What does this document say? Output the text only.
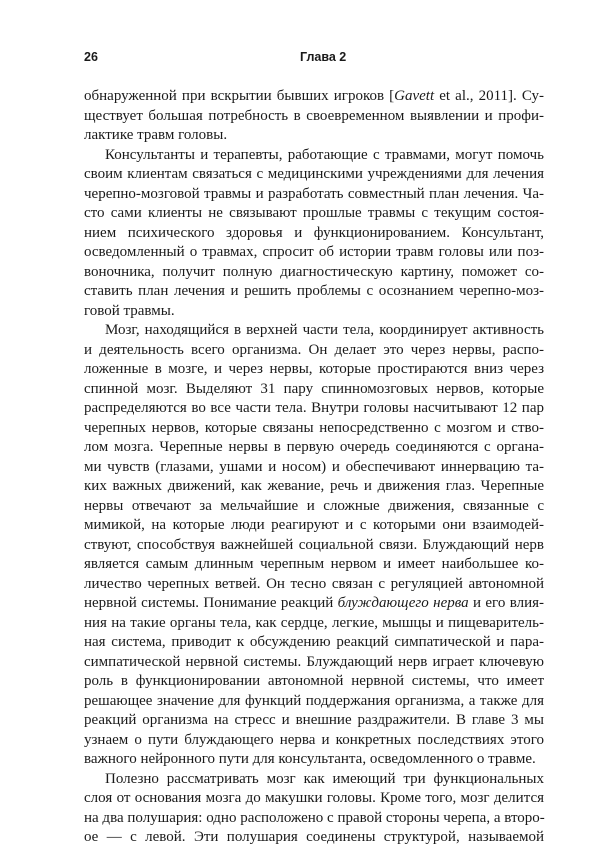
26	Глава 2
обнаруженной при вскрытии бывших игроков [Gavett et al., 2011]. Су-
ществует большая потребность в своевременном выявлении и профи-
лактике травм головы.
Консультанты и терапевты, работающие с травмами, могут помочь
своим клиентам связаться с медицинскими учреждениями для лечения
черепно-мозговой травмы и разработать совместный план лечения. Ча-
сто сами клиенты не связывают прошлые травмы с текущим состоя-
нием психического здоровья и функционированием. Консультант,
осведомленный о травмах, спросит об истории травм головы или поз-
воночника, получит полную диагностическую картину, поможет со-
ставить план лечения и решить проблемы с осознанием черепно-моз-
говой травмы.
Мозг, находящийся в верхней части тела, координирует активность
и деятельность всего организма. Он делает это через нервы, распо-
ложенные в мозге, и через нервы, которые простираются вниз через
спинной мозг. Выделяют 31 пару спинномозговых нервов, которые
распределяются во все части тела. Внутри головы насчитывают 12 пар
черепных нервов, которые связаны непосредственно с мозгом и ство-
лом мозга. Черепные нервы в первую очередь соединяются с органа-
ми чувств (глазами, ушами и носом) и обеспечивают иннервацию та-
ких важных движений, как жевание, речь и движения глаз. Черепные
нервы отвечают за мельчайшие и сложные движения, связанные с
мимикой, на которые люди реагируют и с которыми они взаимодей-
ствуют, способствуя важнейшей социальной связи. Блуждающий нерв
является самым длинным черепным нервом и имеет наибольшее ко-
личество черепных ветвей. Он тесно связан с регуляцией автономной
нервной системы. Понимание реакций блуждающего нерва и его влия-
ния на такие органы тела, как сердце, легкие, мышцы и пищеваритель-
ная система, приводит к обсуждению реакций симпатической и пара-
симпатической нервной системы. Блуждающий нерв играет ключевую
роль в функционировании автономной нервной системы, что имеет
решающее значение для функций поддержания организма, а также для
реакций организма на стресс и внешние раздражители. В главе 3 мы
узнаем о пути блуждающего нерва и конкретных последствиях этого
важного нейронного пути для консультанта, осведомленного о травме.
Полезно рассматривать мозг как имеющий три функциональных
слоя от основания мозга до макушки головы. Кроме того, мозг делится
на два полушария: одно расположено с правой стороны черепа, а второ-
ое — с левой. Эти полушария соединены структурой, называемой
